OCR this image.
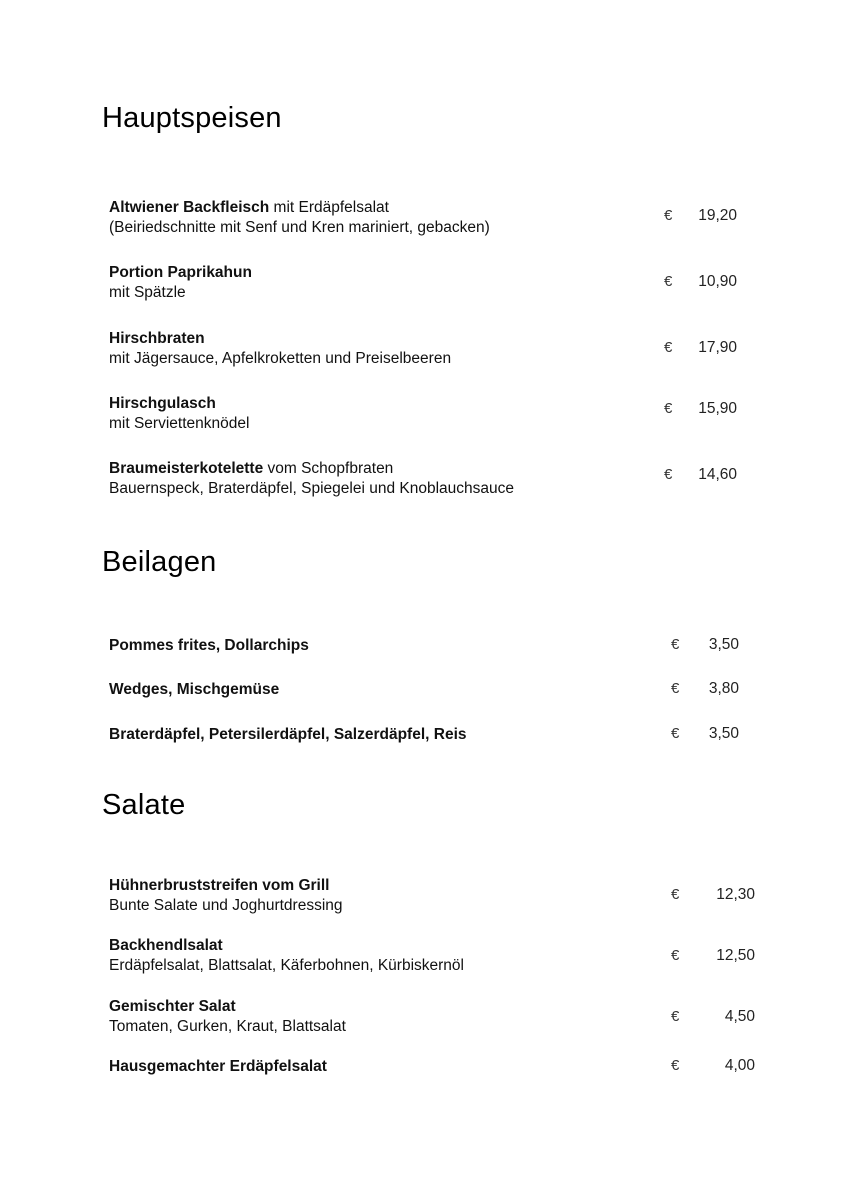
Hauptspeisen
Altwiener Backfleisch mit Erdäpfelsalat
(Beiriedschnitte mit Senf und Kren mariniert, gebacken)
€	19,20
Portion Paprikahun
mit Spätzle
€	10,90
Hirschbraten
mit Jägersauce, Apfelkroketten und Preiselbeeren
€	17,90
Hirschgulasch
mit Serviettenknödel
€	15,90
Braumeisterkotelette vom Schopfbraten
Bauernspeck, Braterdäpfel, Spiegelei und Knoblauchsauce
€	14,60
Beilagen
Pommes frites, Dollarchips	€	3,50
Wedges, Mischgemüse	€	3,80
Braterdäpfel, Petersilerdäpfel, Salzerdäpfel, Reis	€	3,50
Salate
Hühnerbruststreifen vom Grill
Bunte Salate und Joghurtdressing
€	12,30
Backhendlsalat
Erdäpfelsalat, Blattsalat, Käferbohnen, Kürbiskernöl
€	12,50
Gemischter Salat
Tomaten, Gurken, Kraut, Blattsalat
€	4,50
Hausgemachter Erdäpfelsalat	€	4,00
